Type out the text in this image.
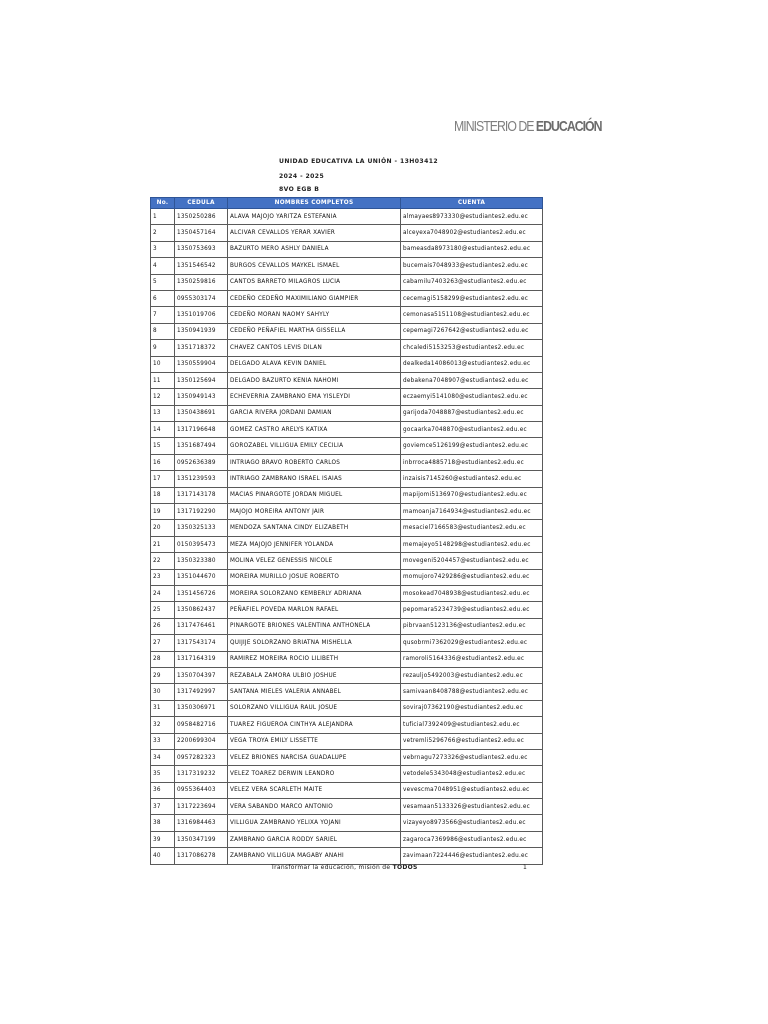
MINISTERIO DE EDUCACIÓN
UNIDAD EDUCATIVA LA UNIÓN - 13H03412
2024 - 2025
8VO EGB B
No.	CEDULA	NOMBRES COMPLETOS	CUENTA
1	1350250286	ALAVA MAJOJO YARITZA ESTEFANIA	almayaes8973330@estudiantes2.edu.ec
2	1350457164	ALCIVAR CEVALLOS YERAR XAVIER	alceyexa7048902@estudiantes2.edu.ec
3	1350753693	BAZURTO MERO ASHLY DANIELA	bameasda8973180@estudiantes2.edu.ec
4	1351546542	BURGOS CEVALLOS MAYKEL ISMAEL	bucemais7048933@estudiantes2.edu.ec
5	1350259816	CANTOS BARRETO MILAGROS LUCIA	cabamilu7403263@estudiantes2.edu.ec
6	0955303174	CEDEÑO CEDEÑO MAXIMILIANO GIAMPIER	cecemagi5158299@estudiantes2.edu.ec
7	1351019706	CEDEÑO MORAN NAOMY SAHYLY	cemonasa5151108@estudiantes2.edu.ec
8	1350941939	CEDEÑO PEÑAFIEL MARTHA GISSELLA	cepemagi7267642@estudiantes2.edu.ec
9	1351718372	CHAVEZ CANTOS LEVIS DILAN	chcaledi5153253@estudiantes2.edu.ec
10	1350559904	DELGADO ALAVA KEVIN DANIEL	dealkeda14086013@estudiantes2.edu.ec
11	1350125694	DELGADO BAZURTO KENIA NAHOMI	debakena7048907@estudiantes2.edu.ec
12	1350949143	ECHEVERRIA ZAMBRANO EMA YISLEYDI	eczaemyi5141080@estudiantes2.edu.ec
13	1350438691	GARCIA RIVERA JORDANI DAMIAN	garijoda7048887@estudiantes2.edu.ec
14	1317196648	GOMEZ CASTRO ARELYS KATIXA	gocaarka7048870@estudiantes2.edu.ec
15	1351687494	GOROZABEL VILLIGUA EMILY CECILIA	goviemce5126199@estudiantes2.edu.ec
16	0952636389	INTRIAGO BRAVO ROBERTO CARLOS	inbrroca4885718@estudiantes2.edu.ec
17	1351239593	INTRIAGO ZAMBRANO ISRAEL ISAIAS	inzaisis7145260@estudiantes2.edu.ec
18	1317143178	MACIAS PINARGOTE JORDAN MIGUEL	mapijomi5136970@estudiantes2.edu.ec
19	1317192290	MAJOJO MOREIRA ANTONY JAIR	mamoanja7164934@estudiantes2.edu.ec
20	1350325133	MENDOZA SANTANA CINDY ELIZABETH	mesaciel7166583@estudiantes2.edu.ec
21	0150395473	MEZA MAJOJO JENNIFER YOLANDA	memajeyo5148298@estudiantes2.edu.ec
22	1350323380	MOLINA VELEZ GENESSIS NICOLE	movegeni5204457@estudiantes2.edu.ec
23	1351044670	MOREIRA MURILLO JOSUE ROBERTO	momujoro7429286@estudiantes2.edu.ec
24	1351456726	MOREIRA SOLORZANO KEMBERLY ADRIANA	mosokead7048938@estudiantes2.edu.ec
25	1350862437	PEÑAFIEL POVEDA MARLON RAFAEL	pepomara5234739@estudiantes2.edu.ec
26	1317476461	PINARGOTE BRIONES VALENTINA ANTHONELA	pibrvaan5123136@estudiantes2.edu.ec
27	1317543174	QUIJIJE SOLORZANO BRIATNA MISHELLA	qusobrmi7362029@estudiantes2.edu.ec
28	1317164319	RAMIREZ MOREIRA ROCIO LILIBETH	ramoroli5164336@estudiantes2.edu.ec
29	1350704397	REZABALA ZAMORA ULBIO JOSHUE	rezauljo5492003@estudiantes2.edu.ec
30	1317492997	SANTANA MIELES VALERIA ANNABEL	samivaan8408788@estudiantes2.edu.ec
31	1350306971	SOLORZANO VILLIGUA RAUL JOSUE	soviraj07362190@estudiantes2.edu.ec
32	0958482716	TUAREZ FIGUEROA CINTHYA ALEJANDRA	tuficial7392409@estudiantes2.edu.ec
33	2200699304	VEGA TROYA EMILY LISSETTE	vetremli5296766@estudiantes2.edu.ec
34	0957282323	VELEZ BRIONES NARCISA GUADALUPE	vebrnagu7273326@estudiantes2.edu.ec
35	1317319232	VELEZ TOAREZ DERWIN LEANDRO	vetodele5343048@estudiantes2.edu.ec
36	0955364403	VELEZ VERA SCARLETH MAITE	vevescma7048951@estudiantes2.edu.ec
37	1317223694	VERA SABANDO MARCO ANTONIO	vesamaan5133326@estudiantes2.edu.ec
38	1316984463	VILLIGUA ZAMBRANO YELIXA YOJANI	vizayeyo8973566@estudiantes2.edu.ec
39	1350347199	ZAMBRANO GARCIA RODDY SARIEL	zagaroca7369986@estudiantes2.edu.ec
40	1317086278	ZAMBRANO VILLIGUA MAGABY ANAHI	zavimaan7224446@estudiantes2.edu.ec
Transformar la educación, misión de TODOS	1
